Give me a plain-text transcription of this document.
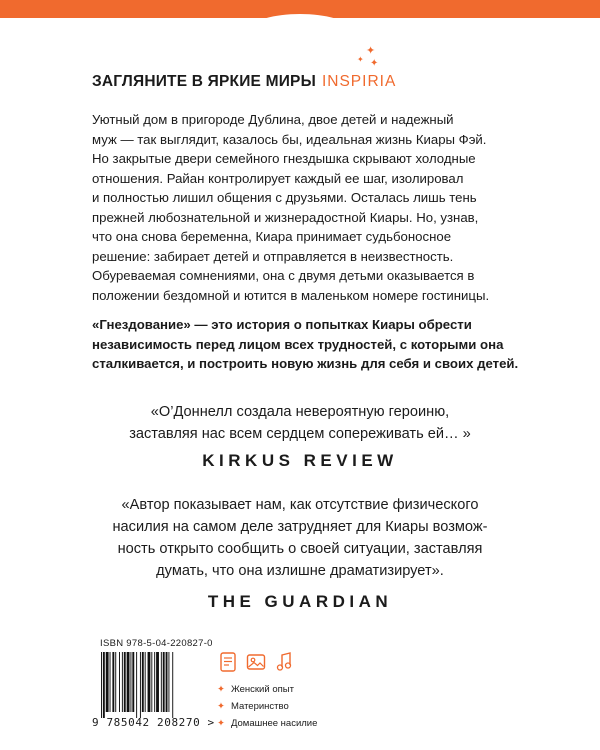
✦
✦ ✦
ЗАГЛЯНИТЕ В ЯРКИЕ МИРЫ INSPIRIA

Уютный дом в пригороде Дублина, двое детей и надежный
муж — так выглядит, казалось бы, идеальная жизнь Киары Фэй.
Но закрытые двери семейного гнездышка скрывают холодные
отношения. Райан контролирует каждый ее шаг, изолировал
и полностью лишил общения с друзьями. Осталась лишь тень
прежней любознательной и жизнерадостной Киары. Но, узнав,
что она снова беременна, Киара принимает судьбоносное
решение: забирает детей и отправляется в неизвестность.
Обуреваемая сомнениями, она с двумя детьми оказывается в
положении бездомной и ютится в маленьком номере гостиницы.

«Гнездование» — это история о попытках Киары обрести
независимость перед лицом всех трудностей, с которыми она
сталкивается, и построить новую жизнь для себя и своих детей.

«О’Доннелл создала невероятную героиню,
заставляя нас всем сердцем сопереживать ей… »
KIRKUS REVIEW
«Автор показывает нам, как отсутствие физического
насилия на самом деле затрудняет для Киары возмож-
ность открыто сообщить о своей ситуации, заставляя
думать, что она излишне драматизирует».
THE GUARDIAN
ISBN 978-5-04-220827-0
9 785042 208270 >
✦ Женский опыт
✦ Материнство
✦ Домашнее насилие
